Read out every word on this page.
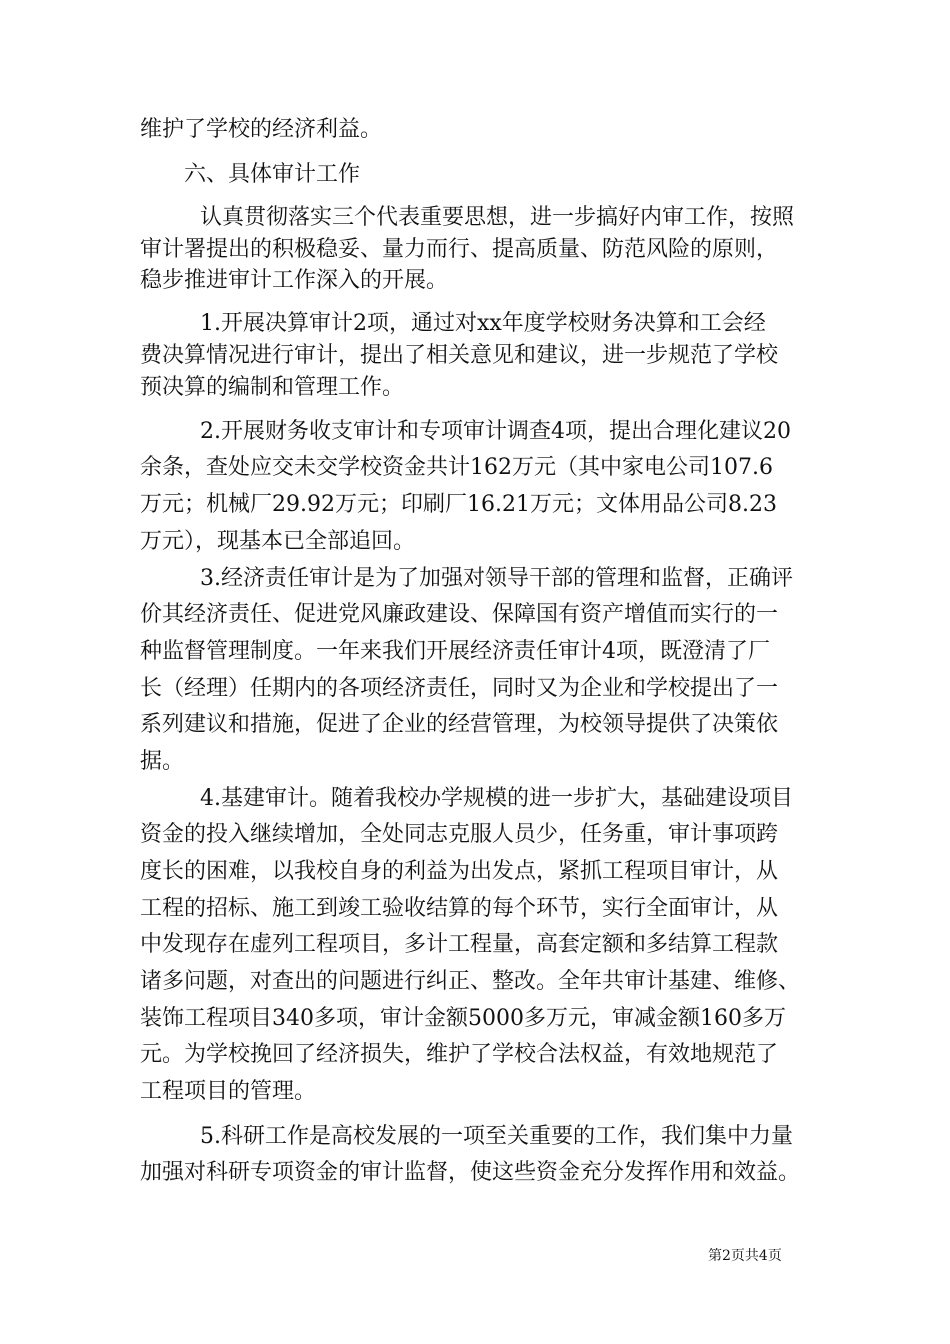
维护了学校的经济利益。

六、具体审计工作

认真贯彻落实三个代表重要思想，进一步搞好内审工作，按照

审计署提出的积极稳妥、量力而行、提高质量、防范风险的原则，

稳步推进审计工作深入的开展。

1.开展决算审计2项，通过对xx年度学校财务决算和工会经

费决算情况进行审计，提出了相关意见和建议，进一步规范了学校

预决算的编制和管理工作。

2.开展财务收支审计和专项审计调查4项，提出合理化建议20

余条，查处应交未交学校资金共计162万元（其中家电公司107.6

万元；机械厂29.92万元；印刷厂16.21万元；文体用品公司8.23

万元），现基本已全部追回。

3.经济责任审计是为了加强对领导干部的管理和监督，正确评

价其经济责任、促进党风廉政建设、保障国有资产增值而实行的一

种监督管理制度。一年来我们开展经济责任审计4项，既澄清了厂

长（经理）任期内的各项经济责任，同时又为企业和学校提出了一

系列建议和措施，促进了企业的经营管理，为校领导提供了决策依

据。

4.基建审计。随着我校办学规模的进一步扩大，基础建设项目

资金的投入继续增加，全处同志克服人员少，任务重，审计事项跨

度长的困难，以我校自身的利益为出发点，紧抓工程项目审计，从

工程的招标、施工到竣工验收结算的每个环节，实行全面审计，从

中发现存在虚列工程项目，多计工程量，高套定额和多结算工程款

诸多问题，对查出的问题进行纠正、整改。全年共审计基建、维修、

装饰工程项目340多项，审计金额5000多万元，审减金额160多万

元。为学校挽回了经济损失，维护了学校合法权益，有效地规范了

工程项目的管理。

5.科研工作是高校发展的一项至关重要的工作，我们集中力量

加强对科研专项资金的审计监督，使这些资金充分发挥作用和效益。

第2页共4页
